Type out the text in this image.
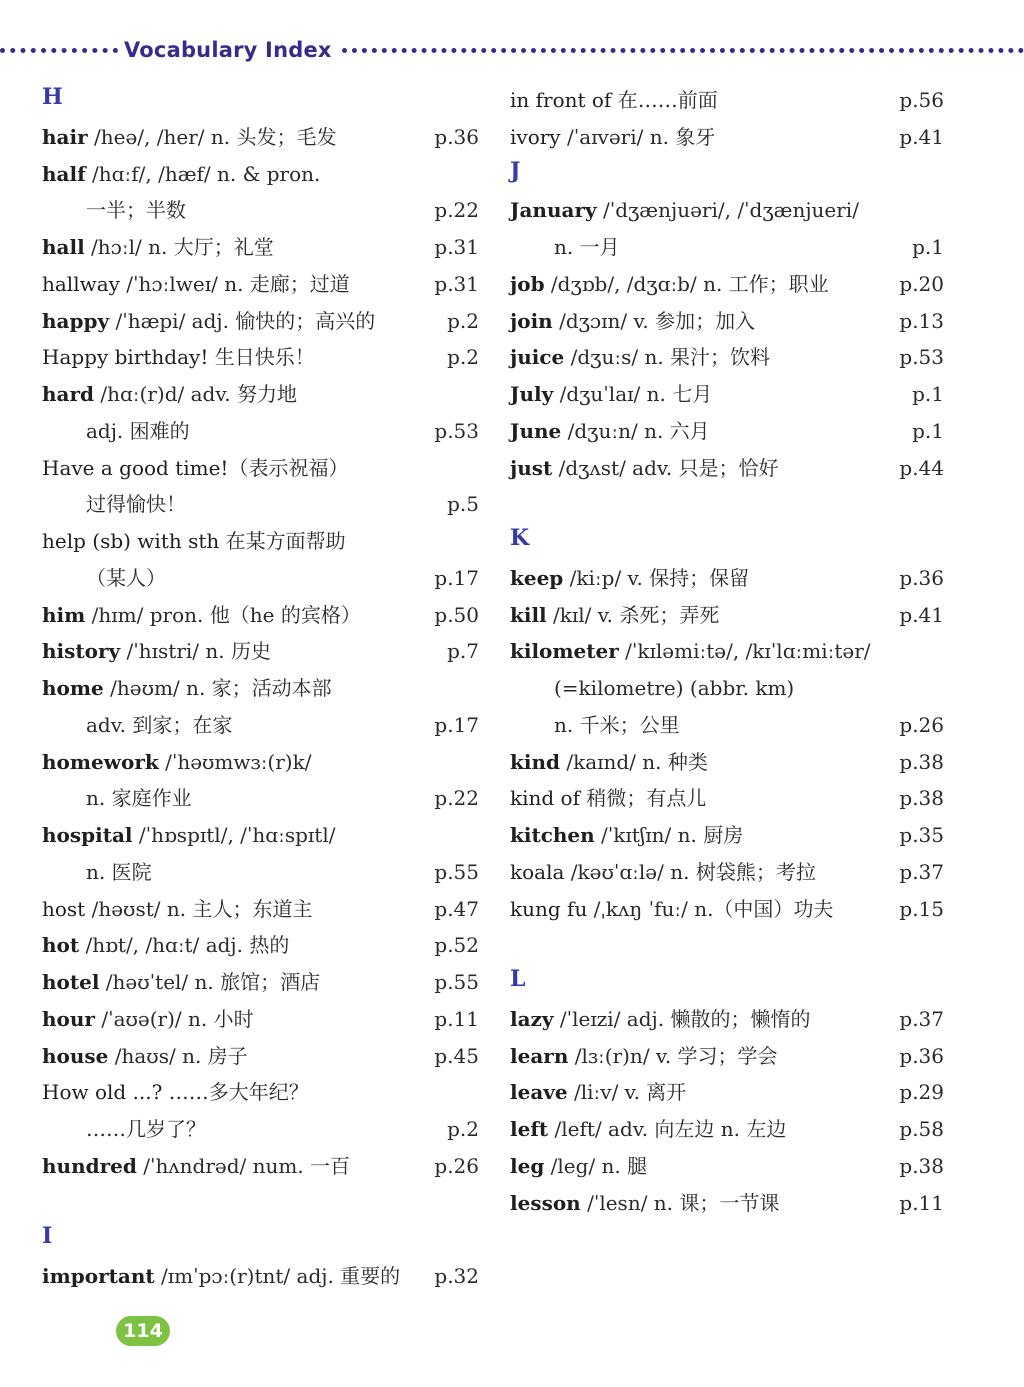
Vocabulary Index
H
hair /heə/, /her/ n. 头发；毛发	p.36
half /hɑːf/, /hæf/ n. & pron.
一半；半数	p.22
hall /hɔːl/ n. 大厅；礼堂	p.31
hallway /ˈhɔːlweɪ/ n. 走廊；过道	p.31
happy /ˈhæpi/ adj. 愉快的；高兴的	p.2
Happy birthday! 生日快乐！	p.2
hard /hɑː(r)d/ adv. 努力地
adj. 困难的	p.53
Have a good time!（表示祝福）
过得愉快！	p.5
help (sb) with sth 在某方面帮助
（某人）	p.17
him /hɪm/ pron. 他（he 的宾格）	p.50
history /ˈhɪstri/ n. 历史	p.7
home /həʊm/ n. 家；活动本部
adv. 到家；在家	p.17
homework /ˈhəʊmwɜː(r)k/
n. 家庭作业	p.22
hospital /ˈhɒspɪtl/, /ˈhɑːspɪtl/
n. 医院	p.55
host /həʊst/ n. 主人；东道主	p.47
hot /hɒt/, /hɑːt/ adj. 热的	p.52
hotel /həʊˈtel/ n. 旅馆；酒店	p.55
hour /ˈaʊə(r)/ n. 小时	p.11
house /haʊs/ n. 房子	p.45
How old ...? ……多大年纪？
……几岁了？	p.2
hundred /ˈhʌndrəd/ num. 一百	p.26
I
important /ɪmˈpɔː(r)tnt/ adj. 重要的 p.32
in front of 在……前面	p.56
ivory /ˈaɪvəri/ n. 象牙	p.41
J
January /ˈdʒænjuəri/, /ˈdʒænjueri/
n. 一月	p.1
job /dʒɒb/, /dʒɑːb/ n. 工作；职业	p.20
join /dʒɔɪn/ v. 参加；加入	p.13
juice /dʒuːs/ n. 果汁；饮料	p.53
July /dʒuˈlaɪ/ n. 七月	p.1
June /dʒuːn/ n. 六月	p.1
just /dʒʌst/ adv. 只是；恰好	p.44
K
keep /kiːp/ v. 保持；保留	p.36
kill /kɪl/ v. 杀死；弄死	p.41
kilometer /ˈkɪləmiːtə/, /kɪˈlɑːmiːtər/
(=kilometre) (abbr. km)
n. 千米；公里	p.26
kind /kaɪnd/ n. 种类	p.38
kind of 稍微；有点儿	p.38
kitchen /ˈkɪtʃɪn/ n. 厨房	p.35
koala /kəʊˈɑːlə/ n. 树袋熊；考拉	p.37
kung fu /ˌkʌŋ ˈfuː/ n.（中国）功夫	p.15
L
lazy /ˈleɪzi/ adj. 懒散的；懒惰的	p.37
learn /lɜː(r)n/ v. 学习；学会	p.36
leave /liːv/ v. 离开	p.29
left /left/ adv. 向左边 n. 左边	p.58
leg /leg/ n. 腿	p.38
lesson /ˈlesn/ n. 课；一节课	p.11
114
